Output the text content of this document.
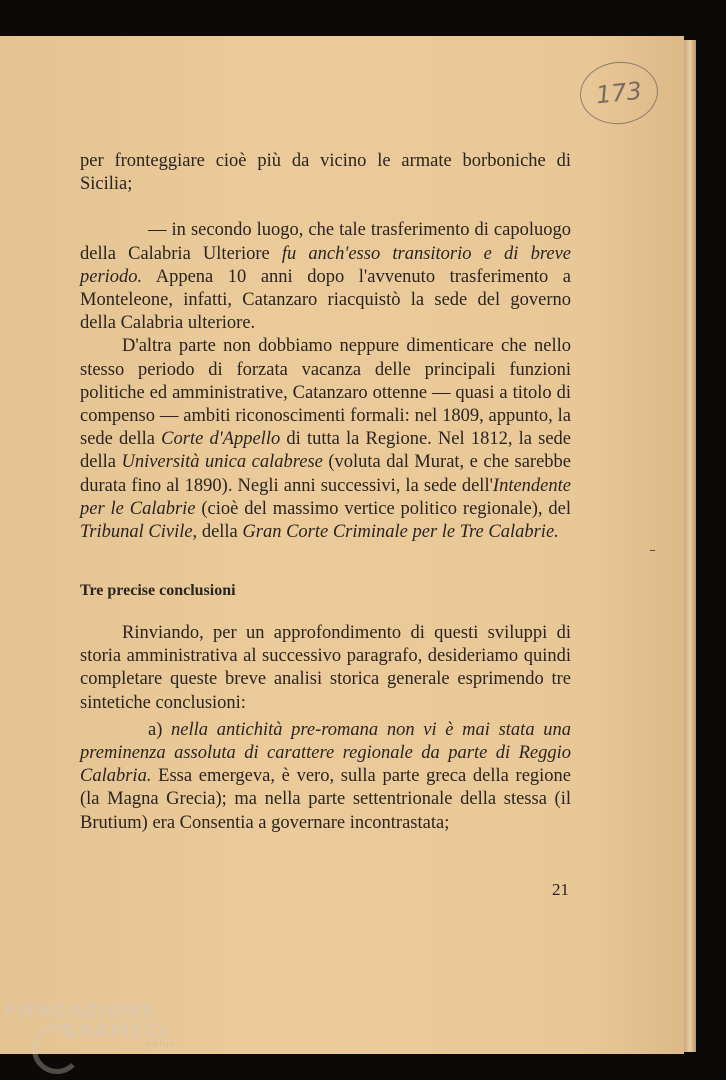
173

per fronteggiare cioè più da vicino le armate borboniche di Sicilia;

— in secondo luogo, che tale trasferimento di capoluogo della Calabria Ulteriore fu anch'esso transitorio e di breve periodo. Appena 10 anni dopo l'avvenuto trasferimento a Monteleone, infatti, Catanzaro riacquistò la sede del governo della Calabria ulteriore.

D'altra parte non dobbiamo neppure dimenticare che nello stesso periodo di forzata vacanza delle principali funzioni politiche ed amministrative, Catanzaro ottenne — quasi a titolo di compenso — ambiti riconoscimenti formali: nel 1809, appunto, la sede della Corte d'Appello di tutta la Regione. Nel 1812, la sede della Università unica calabrese (voluta dal Murat, e che sarebbe durata fino al 1890). Negli anni successivi, la sede dell'Intendente per le Calabrie (cioè del massimo vertice politico regionale), del Tribunal Civile, della Gran Corte Criminale per le Tre Calabrie.

Tre precise conclusioni

Rinviando, per un approfondimento di questi sviluppi di storia amministrativa al successivo paragrafo, desideriamo quindi completare queste breve analisi storica generale esprimendo tre sintetiche conclusioni:

a) nella antichità pre-romana non vi è mai stata una preminenza assoluta di carattere regionale da parte di Reggio Calabria. Essa emergeva, è vero, sulla parte greca della regione (la Magna Grecia); ma nella parte settentrionale della stessa (il Brutium) era Consentia a governare incontrastata;

21
FONDAZIONE
GRAMSCI
onlus
